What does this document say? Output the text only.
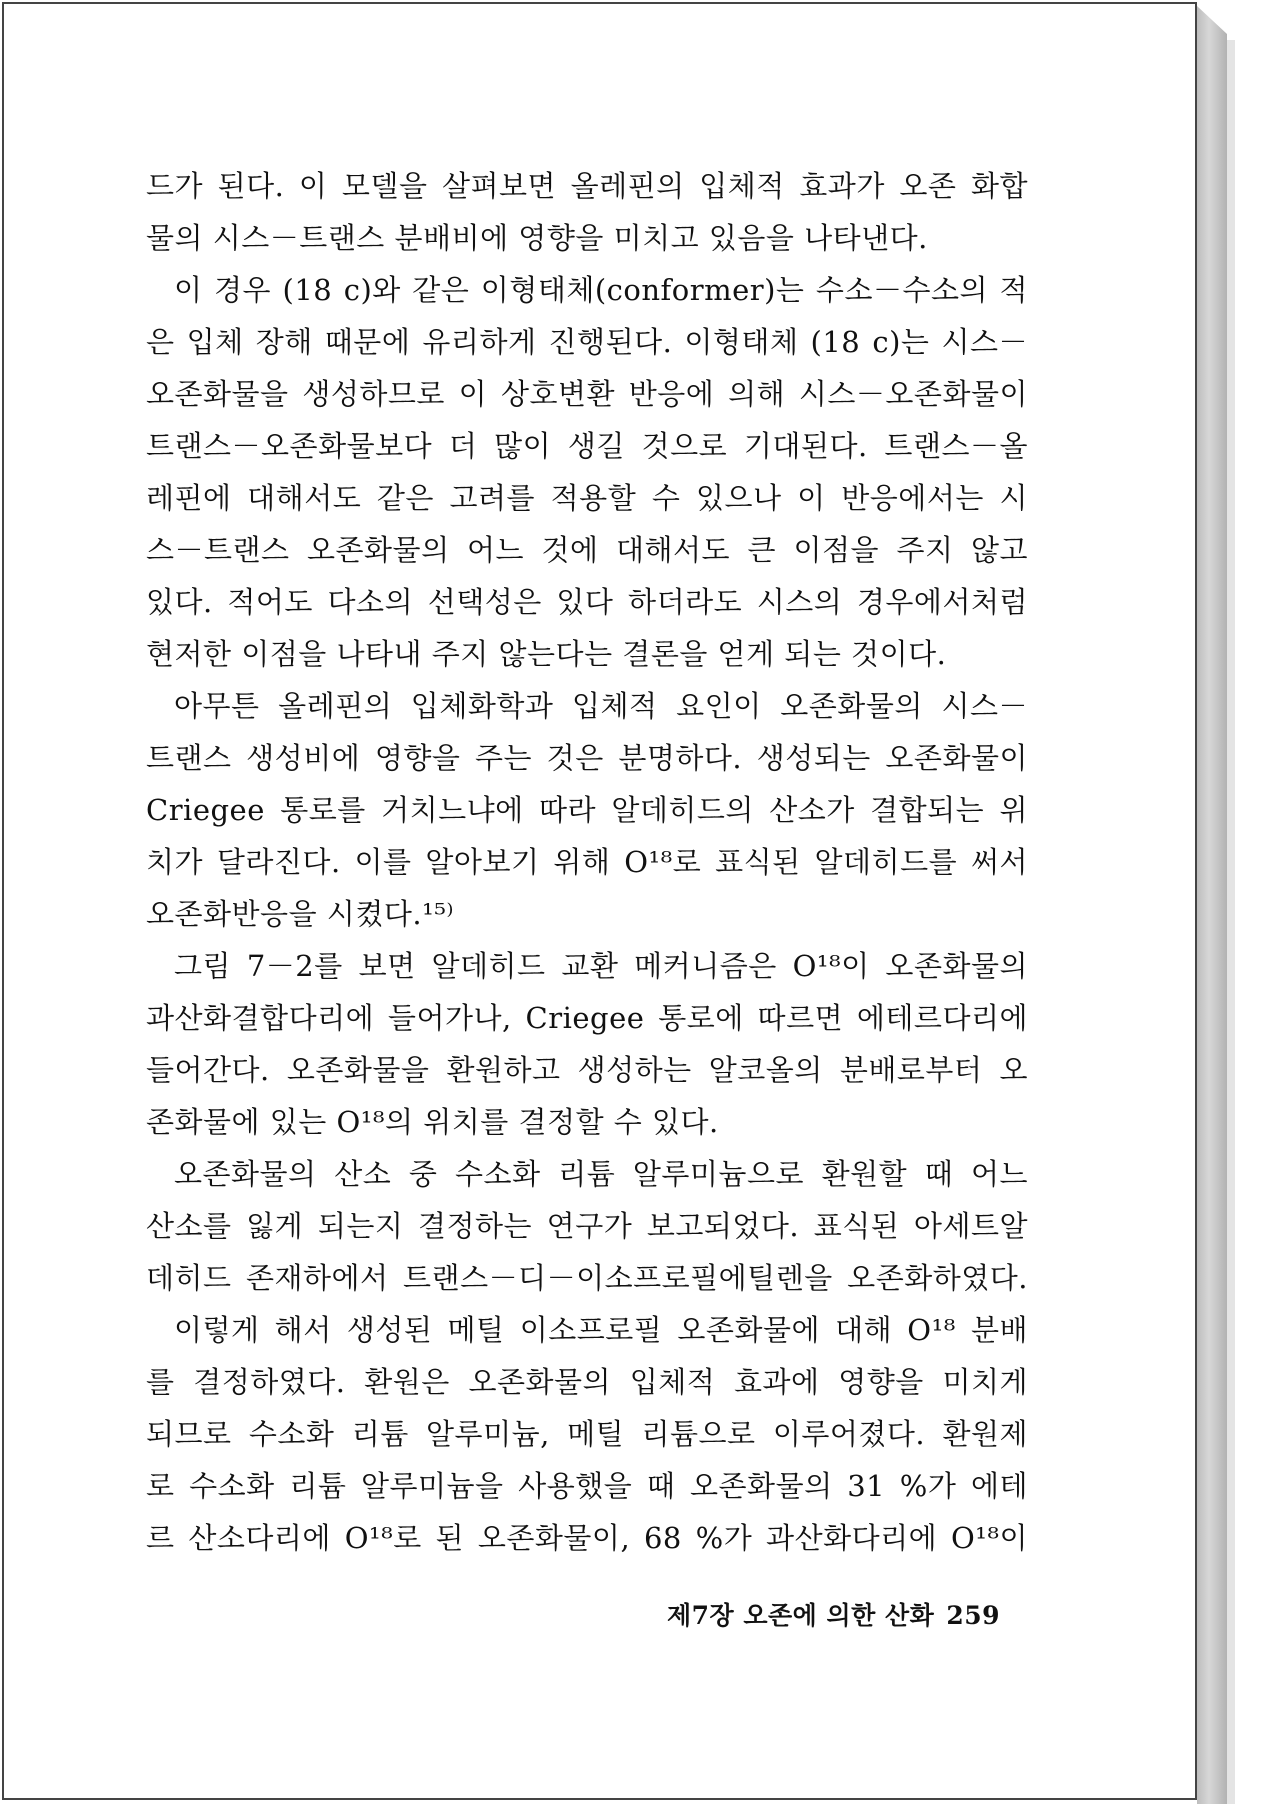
드가 된다. 이 모델을 살펴보면 올레핀의 입체적 효과가 오존 화합
물의 시스－트랜스 분배비에 영향을 미치고 있음을 나타낸다.
이 경우 (18 c)와 같은 이형태체(conformer)는 수소－수소의 적
은 입체 장해 때문에 유리하게 진행된다. 이형태체 (18 c)는 시스－
오존화물을 생성하므로 이 상호변환 반응에 의해 시스－오존화물이
트랜스－오존화물보다 더 많이 생길 것으로 기대된다. 트랜스－올
레핀에 대해서도 같은 고려를 적용할 수 있으나 이 반응에서는 시
스－트랜스 오존화물의 어느 것에 대해서도 큰 이점을 주지 않고
있다. 적어도 다소의 선택성은 있다 하더라도 시스의 경우에서처럼
현저한 이점을 나타내 주지 않는다는 결론을 얻게 되는 것이다.
아무튼 올레핀의 입체화학과 입체적 요인이 오존화물의 시스－
트랜스 생성비에 영향을 주는 것은 분명하다. 생성되는 오존화물이
Criegee 통로를 거치느냐에 따라 알데히드의 산소가 결합되는 위
치가 달라진다. 이를 알아보기 위해 O¹⁸로 표식된 알데히드를 써서
오존화반응을 시켰다.¹⁵⁾
그림 7－2를 보면 알데히드 교환 메커니즘은 O¹⁸이 오존화물의
과산화결합다리에 들어가나, Criegee 통로에 따르면 에테르다리에
들어간다. 오존화물을 환원하고 생성하는 알코올의 분배로부터 오
존화물에 있는 O¹⁸의 위치를 결정할 수 있다.
오존화물의 산소 중 수소화 리튬 알루미늄으로 환원할 때 어느
산소를 잃게 되는지 결정하는 연구가 보고되었다. 표식된 아세트알
데히드 존재하에서 트랜스－디－이소프로필에틸렌을 오존화하였다.
이렇게 해서 생성된 메틸 이소프로필 오존화물에 대해 O¹⁸ 분배
를 결정하였다. 환원은 오존화물의 입체적 효과에 영향을 미치게
되므로 수소화 리튬 알루미늄, 메틸 리튬으로 이루어졌다. 환원제
로 수소화 리튬 알루미늄을 사용했을 때 오존화물의 31 %가 에테
르 산소다리에 O¹⁸로 된 오존화물이, 68 %가 과산화다리에 O¹⁸이
제7장 오존에 의한 산화 259
